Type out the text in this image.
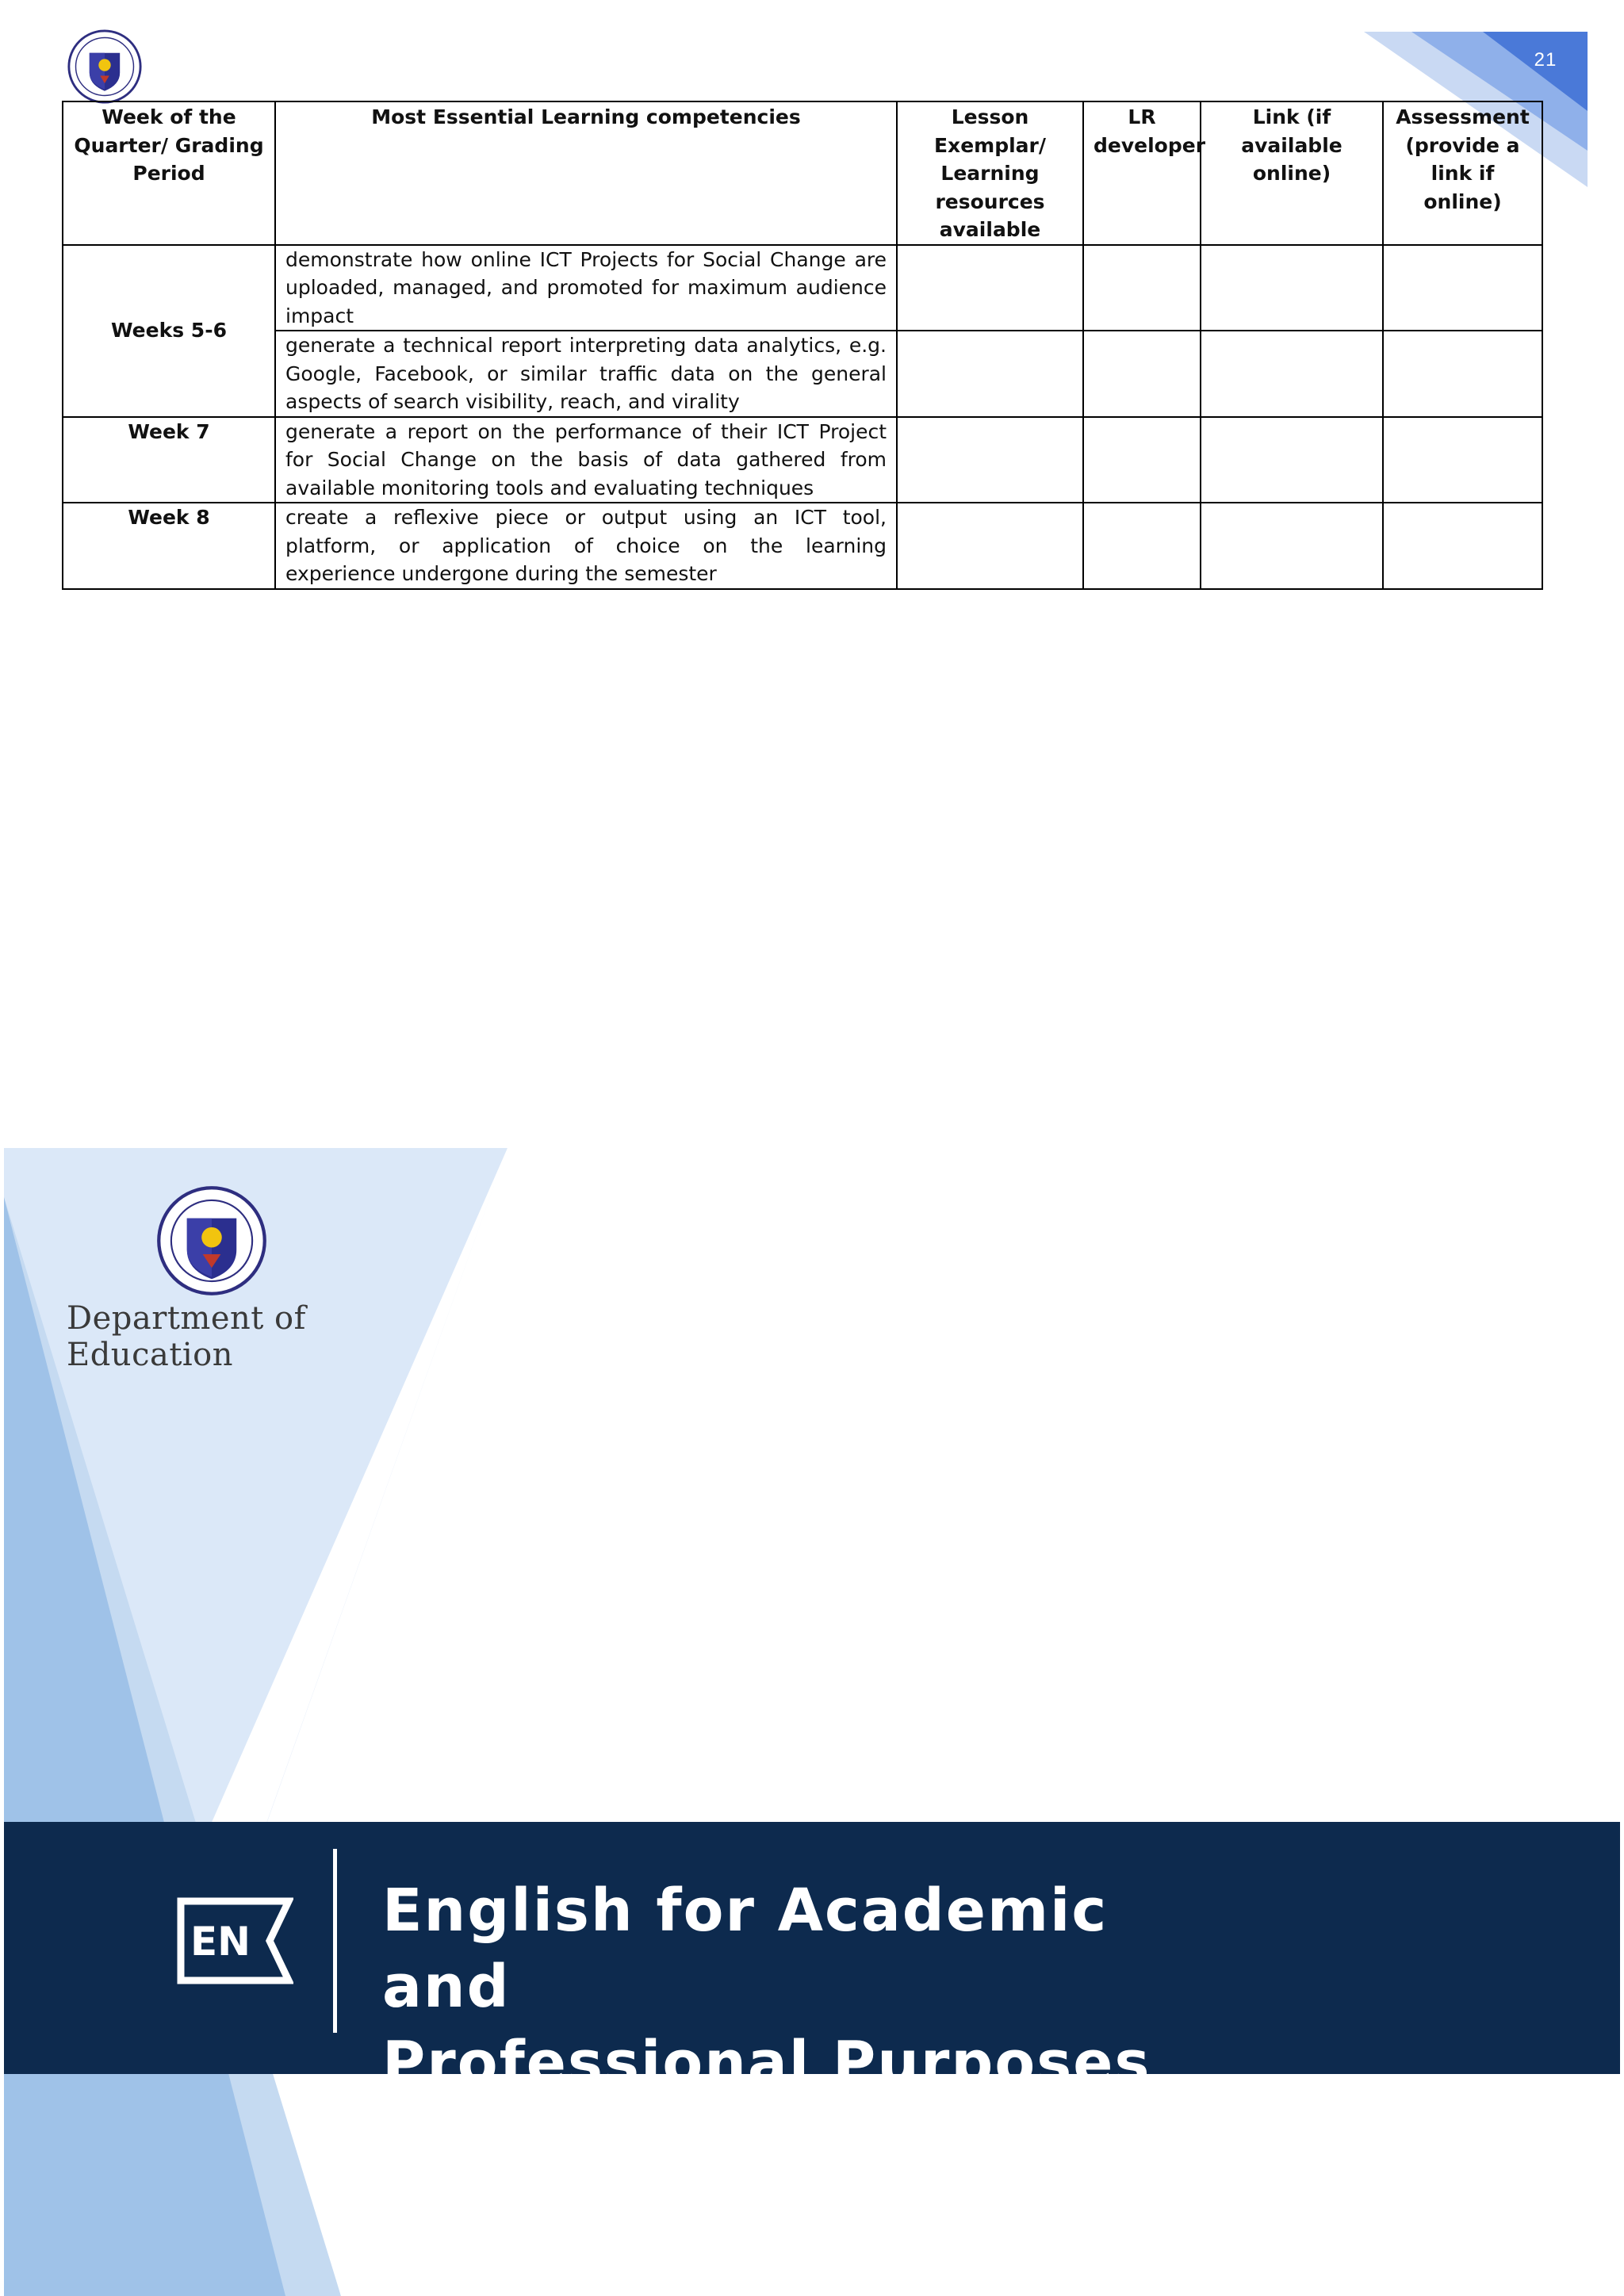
21
Week of the Quarter/ Grading Period	Most Essential Learning competencies	Lesson Exemplar/ Learning resources available	LR developer	Link (if available online)	Assessment (provide a link if online)
Weeks 5-6	demonstrate how online ICT Projects for Social Change are uploaded, managed, and promoted for maximum audience impact				
	generate a technical report interpreting data analytics, e.g. Google, Facebook, or similar traffic data on the general aspects of search visibility, reach, and virality				
Week 7	generate a report on the performance of their ICT Project for Social Change on the basis of data gathered from available monitoring tools and evaluating techniques				
Week 8	create a reflexive piece or output using an ICT tool, platform, or application of choice on the learning experience undergone during the semester				
Department of Education
EN English for Academic and
Professional Purposes
